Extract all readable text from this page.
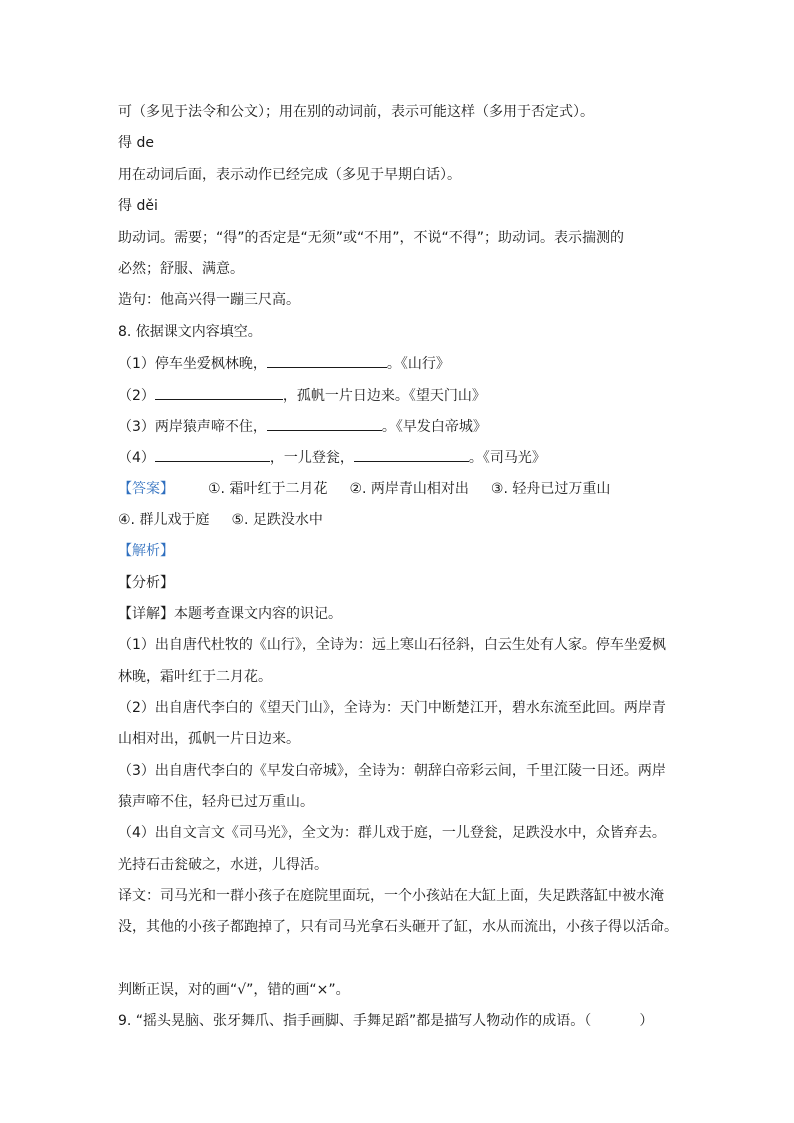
可（多见于法令和公文）；用在别的动词前，表示可能这样（多用于否定式）。
得 de
用在动词后面，表示动作已经完成（多见于早期白话）。
得 děi
助动词。需要；“得”的否定是“无须”或“不用”，不说“不得”；助动词。表示揣测的
必然；舒服、满意。
造句：他高兴得一蹦三尺高。
8. 依据课文内容填空。
（1）停车坐爱枫林晚，	。《山行》
（2）	，孤帆一片日边来。《望天门山》
（3）两岸猿声啼不住，	。《早发白帝城》
（4）	，一儿登瓮，	。《司马光》
【答案】 ①. 霜叶红于二月花 ②. 两岸青山相对出 ③. 轻舟已过万重山
④. 群儿戏于庭 ⑤. 足跌没水中
【解析】
【分析】
【详解】本题考查课文内容的识记。
（1）出自唐代杜牧的《山行》，全诗为：远上寒山石径斜，白云生处有人家。停车坐爱枫
林晚，霜叶红于二月花。
（2）出自唐代李白的《望天门山》，全诗为：天门中断楚江开，碧水东流至此回。两岸青
山相对出，孤帆一片日边来。
（3）出自唐代李白的《早发白帝城》，全诗为：朝辞白帝彩云间，千里江陵一日还。两岸
猿声啼不住，轻舟已过万重山。
（4）出自文言文《司马光》，全文为：群儿戏于庭，一儿登瓮，足跌没水中，众皆弃去。
光持石击瓮破之，水迸，儿得活。
译文：司马光和一群小孩子在庭院里面玩，一个小孩站在大缸上面，失足跌落缸中被水淹
没，其他的小孩子都跑掉了，只有司马光拿石头砸开了缸，水从而流出，小孩子得以活命。
判断正误，对的画“√”，错的画“×”。
9. “摇头晃脑、张牙舞爪、指手画脚、手舞足蹈”都是描写人物动作的成语。（	）
